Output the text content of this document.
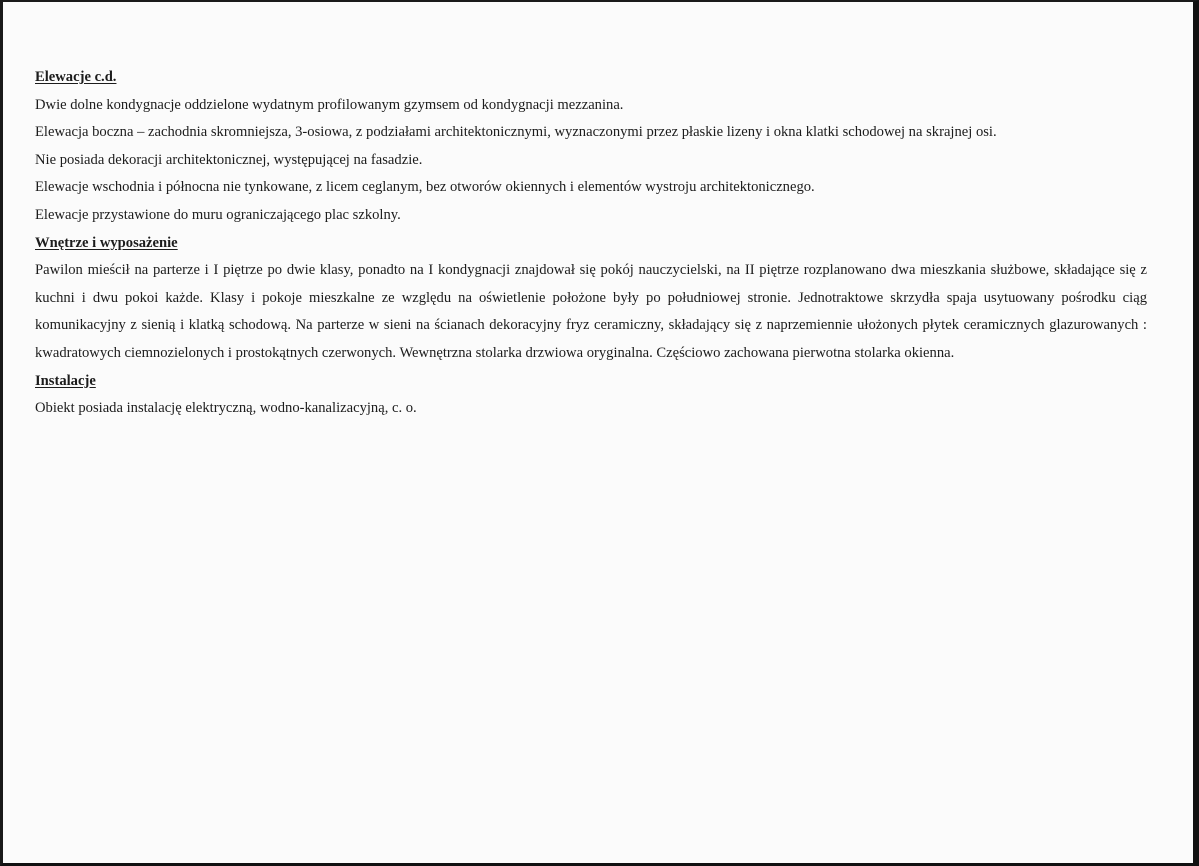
Elewacje c.d.
Dwie dolne kondygnacje oddzielone wydatnym profilowanym gzymsem od kondygnacji mezzanina.
Elewacja boczna – zachodnia skromniejsza, 3-osiowa, z podziałami architektonicznymi, wyznaczonymi przez płaskie lizeny i okna klatki schodowej na skrajnej osi.
Nie posiada dekoracji architektonicznej, występującej na fasadzie.
Elewacje wschodnia i północna nie tynkowane, z licem ceglanym, bez otworów okiennych i elementów wystroju architektonicznego.
Elewacje przystawione do muru ograniczającego plac szkolny.
Wnętrze i wyposażenie

Pawilon mieścił na parterze i I piętrze po dwie klasy, ponadto na I kondygnacji znajdował się pokój nauczycielski, na II piętrze rozplanowano dwa mieszkania służbowe, składające się z kuchni i dwu pokoi każde. Klasy i pokoje mieszkalne ze względu na oświetlenie położone były po południowej stronie. Jednotraktowe skrzydła spaja usytuowany pośrodku ciąg komunikacyjny z sienią i klatką schodową. Na parterze w sieni na ścianach dekoracyjny fryz ceramiczny, składający się z naprzemiennie ułożonych płytek ceramicznych glazurowanych : kwadratowych ciemnozielonych i prostokątnych czerwonych. Wewnętrzna stolarka drzwiowa oryginalna. Częściowo zachowana pierwotna stolarka okienna.

Instalacje
Obiekt posiada instalację elektryczną, wodno-kanalizacyjną, c. o.
